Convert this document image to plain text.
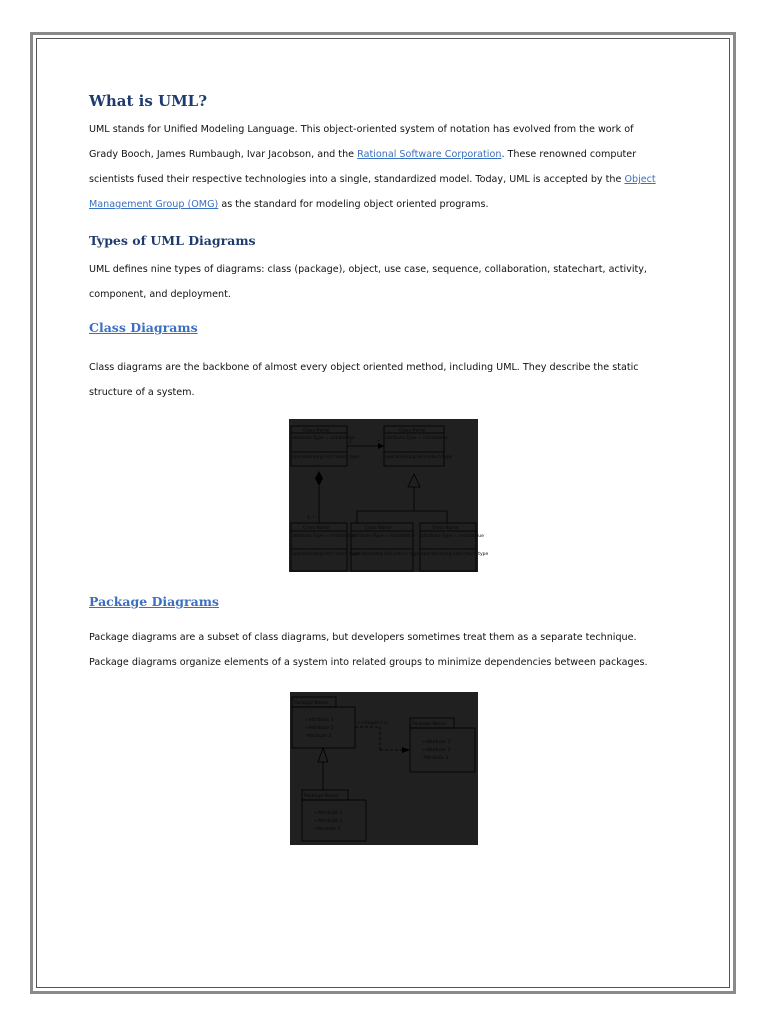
What is UML?

UML stands for Unified Modeling Language. This object-oriented system of notation has evolved from the work of
Grady Booch, James Rumbaugh, Ivar Jacobson, and the Rational Software Corporation. These renowned computer
scientists fused their respective technologies into a single, standardized model. Today, UML is accepted by the Object
Management Group (OMG) as the standard for modeling object oriented programs.

Types of UML Diagrams

UML defines nine types of diagrams: class (package), object, use case, sequence, collaboration, statechart, activity,
component, and deployment.

Class Diagrams

Class diagrams are the backbone of almost every object oriented method, including UML. They describe the static
structure of a system.

Package Diagrams

Package diagrams are a subset of class diagrams, but developers sometimes treat them as a separate technique.
Package diagrams organize elements of a system into related groups to minimize dependencies between packages.

Class Name
attribute:Type = initialValue
operation(arg list):return type
Class Name
attribute:Type = initialValue
operation(arg list):return type
Class Name
attribute:Type = initialValue
operation(arg list):return type
Class Name
attribute:Type = initialValue
operation(arg list):return type
Class Name
attribute:Type = initialValue
operation(arg list):return type
1	*
1..*
Package Name
+Attribute 1
+Attribute 2
-Attribute 3
Package Name
+Attribute 1
+Attribute 2
-Attribute 3
Package Name
+Attribute 1
+Attribute 2
-Attribute 3
<<import>>
